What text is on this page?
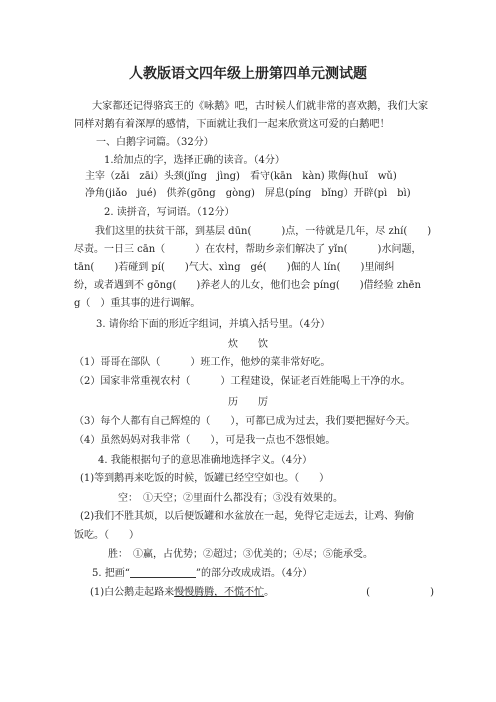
人教版语文四年级上册第四单元测试题
大家都还记得骆宾王的《咏鹅》吧，古时候人们就非常的喜欢鹅，我们大家
同样对鹅有着深厚的感情，下面就让我们一起来欣赏这可爱的白鹅吧！
一、白鹅字词篇。（32分）
1.给加点的字，选择正确的读音。（4分）
主宰（zǎi　zāi）头颈(jǐng　jìng)　看守(kān　kàn) 欺侮(huǐ　wǔ)
净角(jiǎo　jué)　供养(gōng　gòng)　屏息(píng　bǐng）开辟(pì　bì)
2. 读拼音，写词语。（12分）
我们这里的扶贫干部，到基层 dūn(　　　)点，一待就是几年，尽 zhí(　　)
尽责。一日三 cān（　　　）在农村，帮助乡亲们解决了 yǐn(　　　)水问题，
tān(　　)若碰到 pí(　　)气大、xìng　gé(　　)倔的人 lín(　　)里闹纠
纷，或者遇到不 gōng(　　)养老人的儿女，他们也会 píng(　　)借经验 zhēn
g（　）重其事的进行调解。
3. 请你给下面的形近字组词，并填入括号里。（4分）
炊　　饮
（1）哥哥在部队（　　　）班工作，他炒的菜非常好吃。
（2）国家非常重视农村（　　　）工程建设，保证老百姓能喝上干净的水。
历　　厉
（3）每个人都有自己辉煌的（　　），可都已成为过去，我们要把握好今天。
（4）虽然妈妈对我非常（　　），可是我一点也不怨恨她。
4. 我能根据句子的意思准确地选择字义。（4分）
(1)等到鹅再来吃饭的时候，饭罐已经空空如也。（　　）
空：　①天空；②里面什么都没有；③没有效果的。
(2)我们不胜其烦，以后便饭罐和水盆放在一起，免得它走远去，让鸡、狗偷
饭吃。（　　）
胜：　①赢，占优势；②超过；③优美的；④尽；⑤能承受。
5. 把画“	”的部分改成成语。（4分）
(1)白公鹅走起路来慢慢腾腾，不慌不忙。	(　　　　　　)
